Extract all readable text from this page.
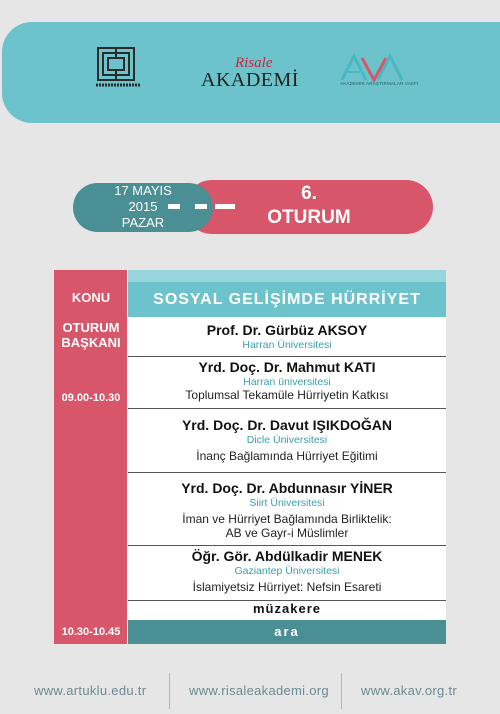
Risale
AKADEMİ	AKADEMİK ARAŞTIRMALAR VAKFI
6.
OTURUM
17 MAYIS
2015
PAZAR
KONU
OTURUM
BAŞKANI
09.00-10.30
10.30-10.45
SOSYAL GELİŞİMDE HÜRRİYET
Prof. Dr. Gürbüz AKSOY
Harran Üniversitesi
Yrd. Doç. Dr. Mahmut KATI
Harran üniversitesi
Toplumsal Tekamüle Hürriyetin Katkısı
Yrd. Doç. Dr. Davut IŞIKDOĞAN
Dicle Üniversitesi
İnanç Bağlamında Hürriyet Eğitimi
Yrd. Doç. Dr. Abdunnasır YİNER
Siirt Üniversitesi
İman ve Hürriyet Bağlamında Birliktelik:
AB ve Gayr-i Müslimler
Öğr. Gör. Abdülkadir MENEK
Gaziantep Üniversitesi
İslamiyetsiz Hürriyet: Nefsin Esareti
müzakere
ara
www.artuklu.edu.tr	www.risaleakademi.org www.akav.org.tr
